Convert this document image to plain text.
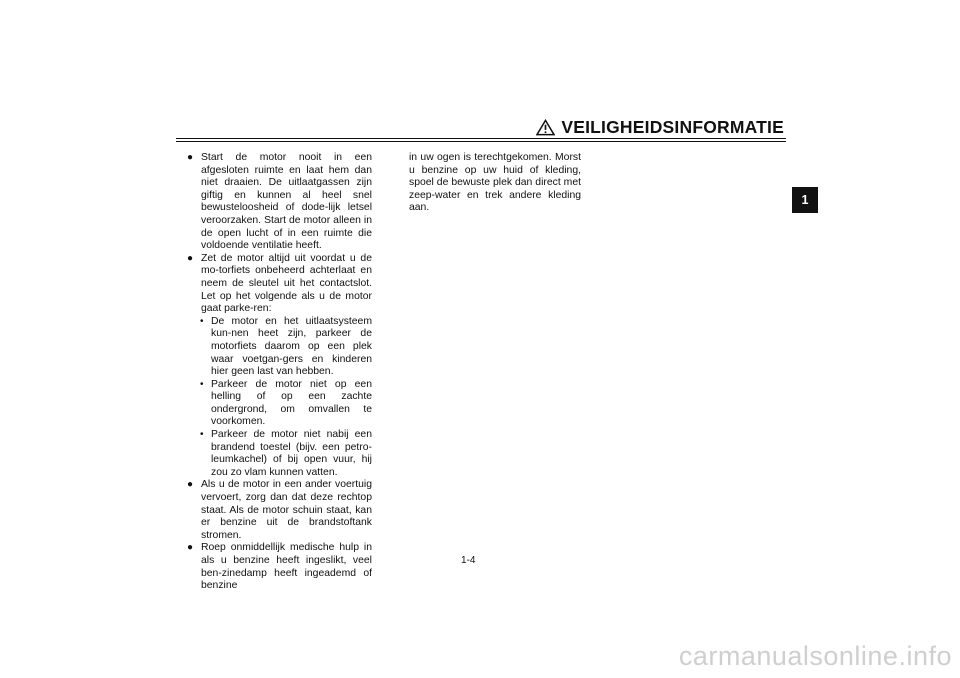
VEILIGHEIDSINFORMATIE
1
● Start de motor nooit in een afgesloten ruimte en laat hem dan niet draaien. De uitlaatgassen zijn giftig en kunnen al heel snel bewusteloosheid of dode-lijk letsel veroorzaken. Start de motor alleen in de open lucht of in een ruimte die voldoende ventilatie heeft.
● Zet de motor altijd uit voordat u de mo-torfiets onbeheerd achterlaat en neem de sleutel uit het contactslot. Let op het volgende als u de motor gaat parke-ren:
• De motor en het uitlaatsysteem kun-nen heet zijn, parkeer de motorfiets daarom op een plek waar voetgan-gers en kinderen hier geen last van hebben.
• Parkeer de motor niet op een helling of op een zachte ondergrond, om omvallen te voorkomen.
• Parkeer de motor niet nabij een brandend toestel (bijv. een petro-leumkachel) of bij open vuur, hij zou zo vlam kunnen vatten.
● Als u de motor in een ander voertuig vervoert, zorg dan dat deze rechtop staat. Als de motor schuin staat, kan er benzine uit de brandstoftank stromen.
● Roep onmiddellijk medische hulp in als u benzine heeft ingeslikt, veel ben-zinedamp heeft ingeademd of benzine

in uw ogen is terechtgekomen. Morst u benzine op uw huid of kleding, spoel de bewuste plek dan direct met zeep-water en trek andere kleding aan.

1-4
carmanualsonline.info
